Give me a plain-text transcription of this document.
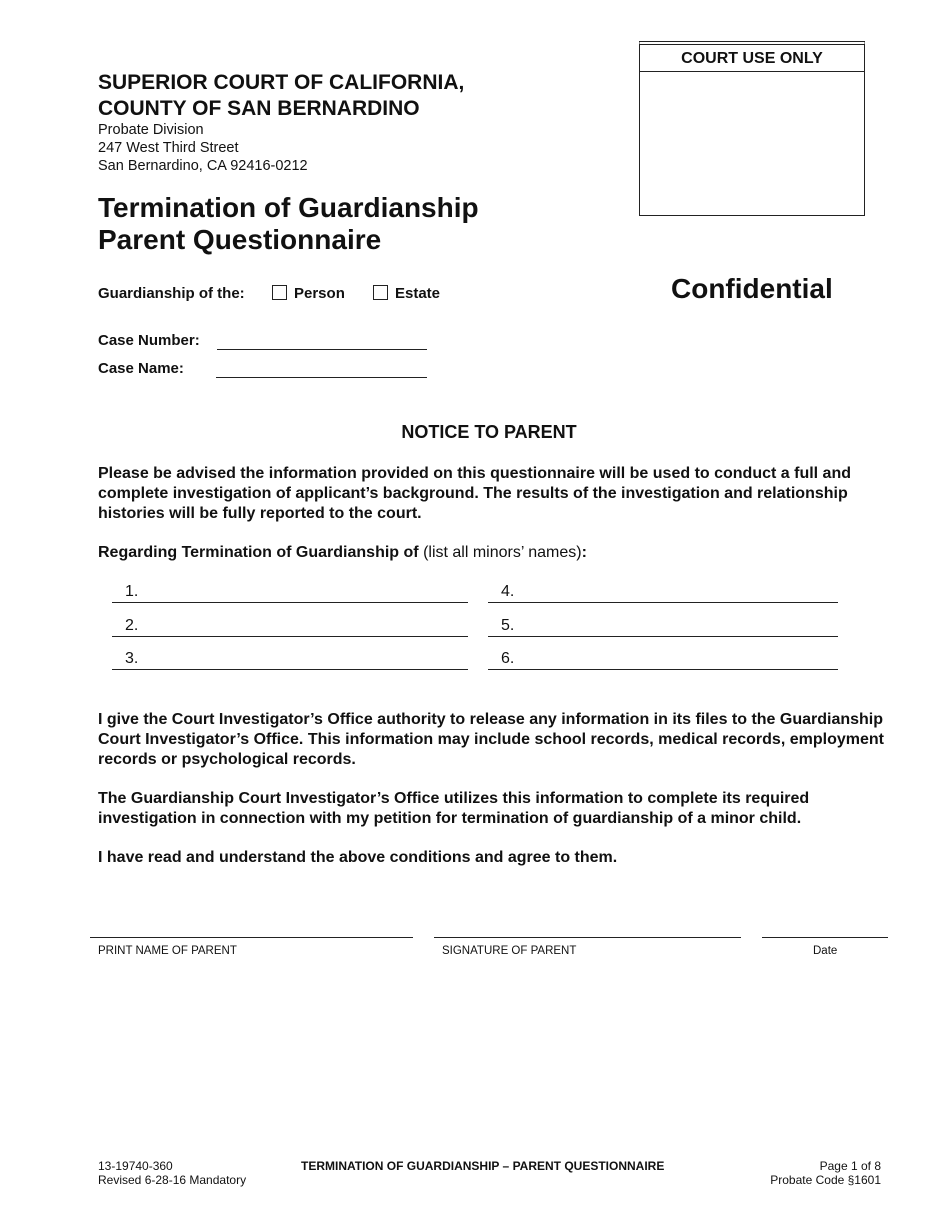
SUPERIOR COURT OF CALIFORNIA,
COUNTY OF SAN BERNARDINO
Probate Division
247 West Third Street
San Bernardino, CA 92416-0212
Termination of Guardianship
Parent Questionnaire
COURT USE ONLY
Confidential
Guardianship of the:	Person	Estate
Case Number:
Case Name:
NOTICE TO PARENT
Please be advised the information provided on this questionnaire will be used to conduct a full and complete investigation of applicant’s background. The results of the investigation and relationship histories will be fully reported to the court.
Regarding Termination of Guardianship of (list all minors’ names):
1.
2.
3.
4.
5.
6.
I give the Court Investigator’s Office authority to release any information in its files to the Guardianship Court Investigator’s Office. This information may include school records, medical records, employment records or psychological records.
The Guardianship Court Investigator’s Office utilizes this information to complete its required investigation in connection with my petition for termination of guardianship of a minor child.
I have read and understand the above conditions and agree to them.
PRINT NAME OF PARENT	SIGNATURE OF PARENT	Date
13-19740-360
Revised 6-28-16 Mandatory
TERMINATION OF GUARDIANSHIP – PARENT QUESTIONNAIRE	Page 1 of 8
Probate Code §1601
